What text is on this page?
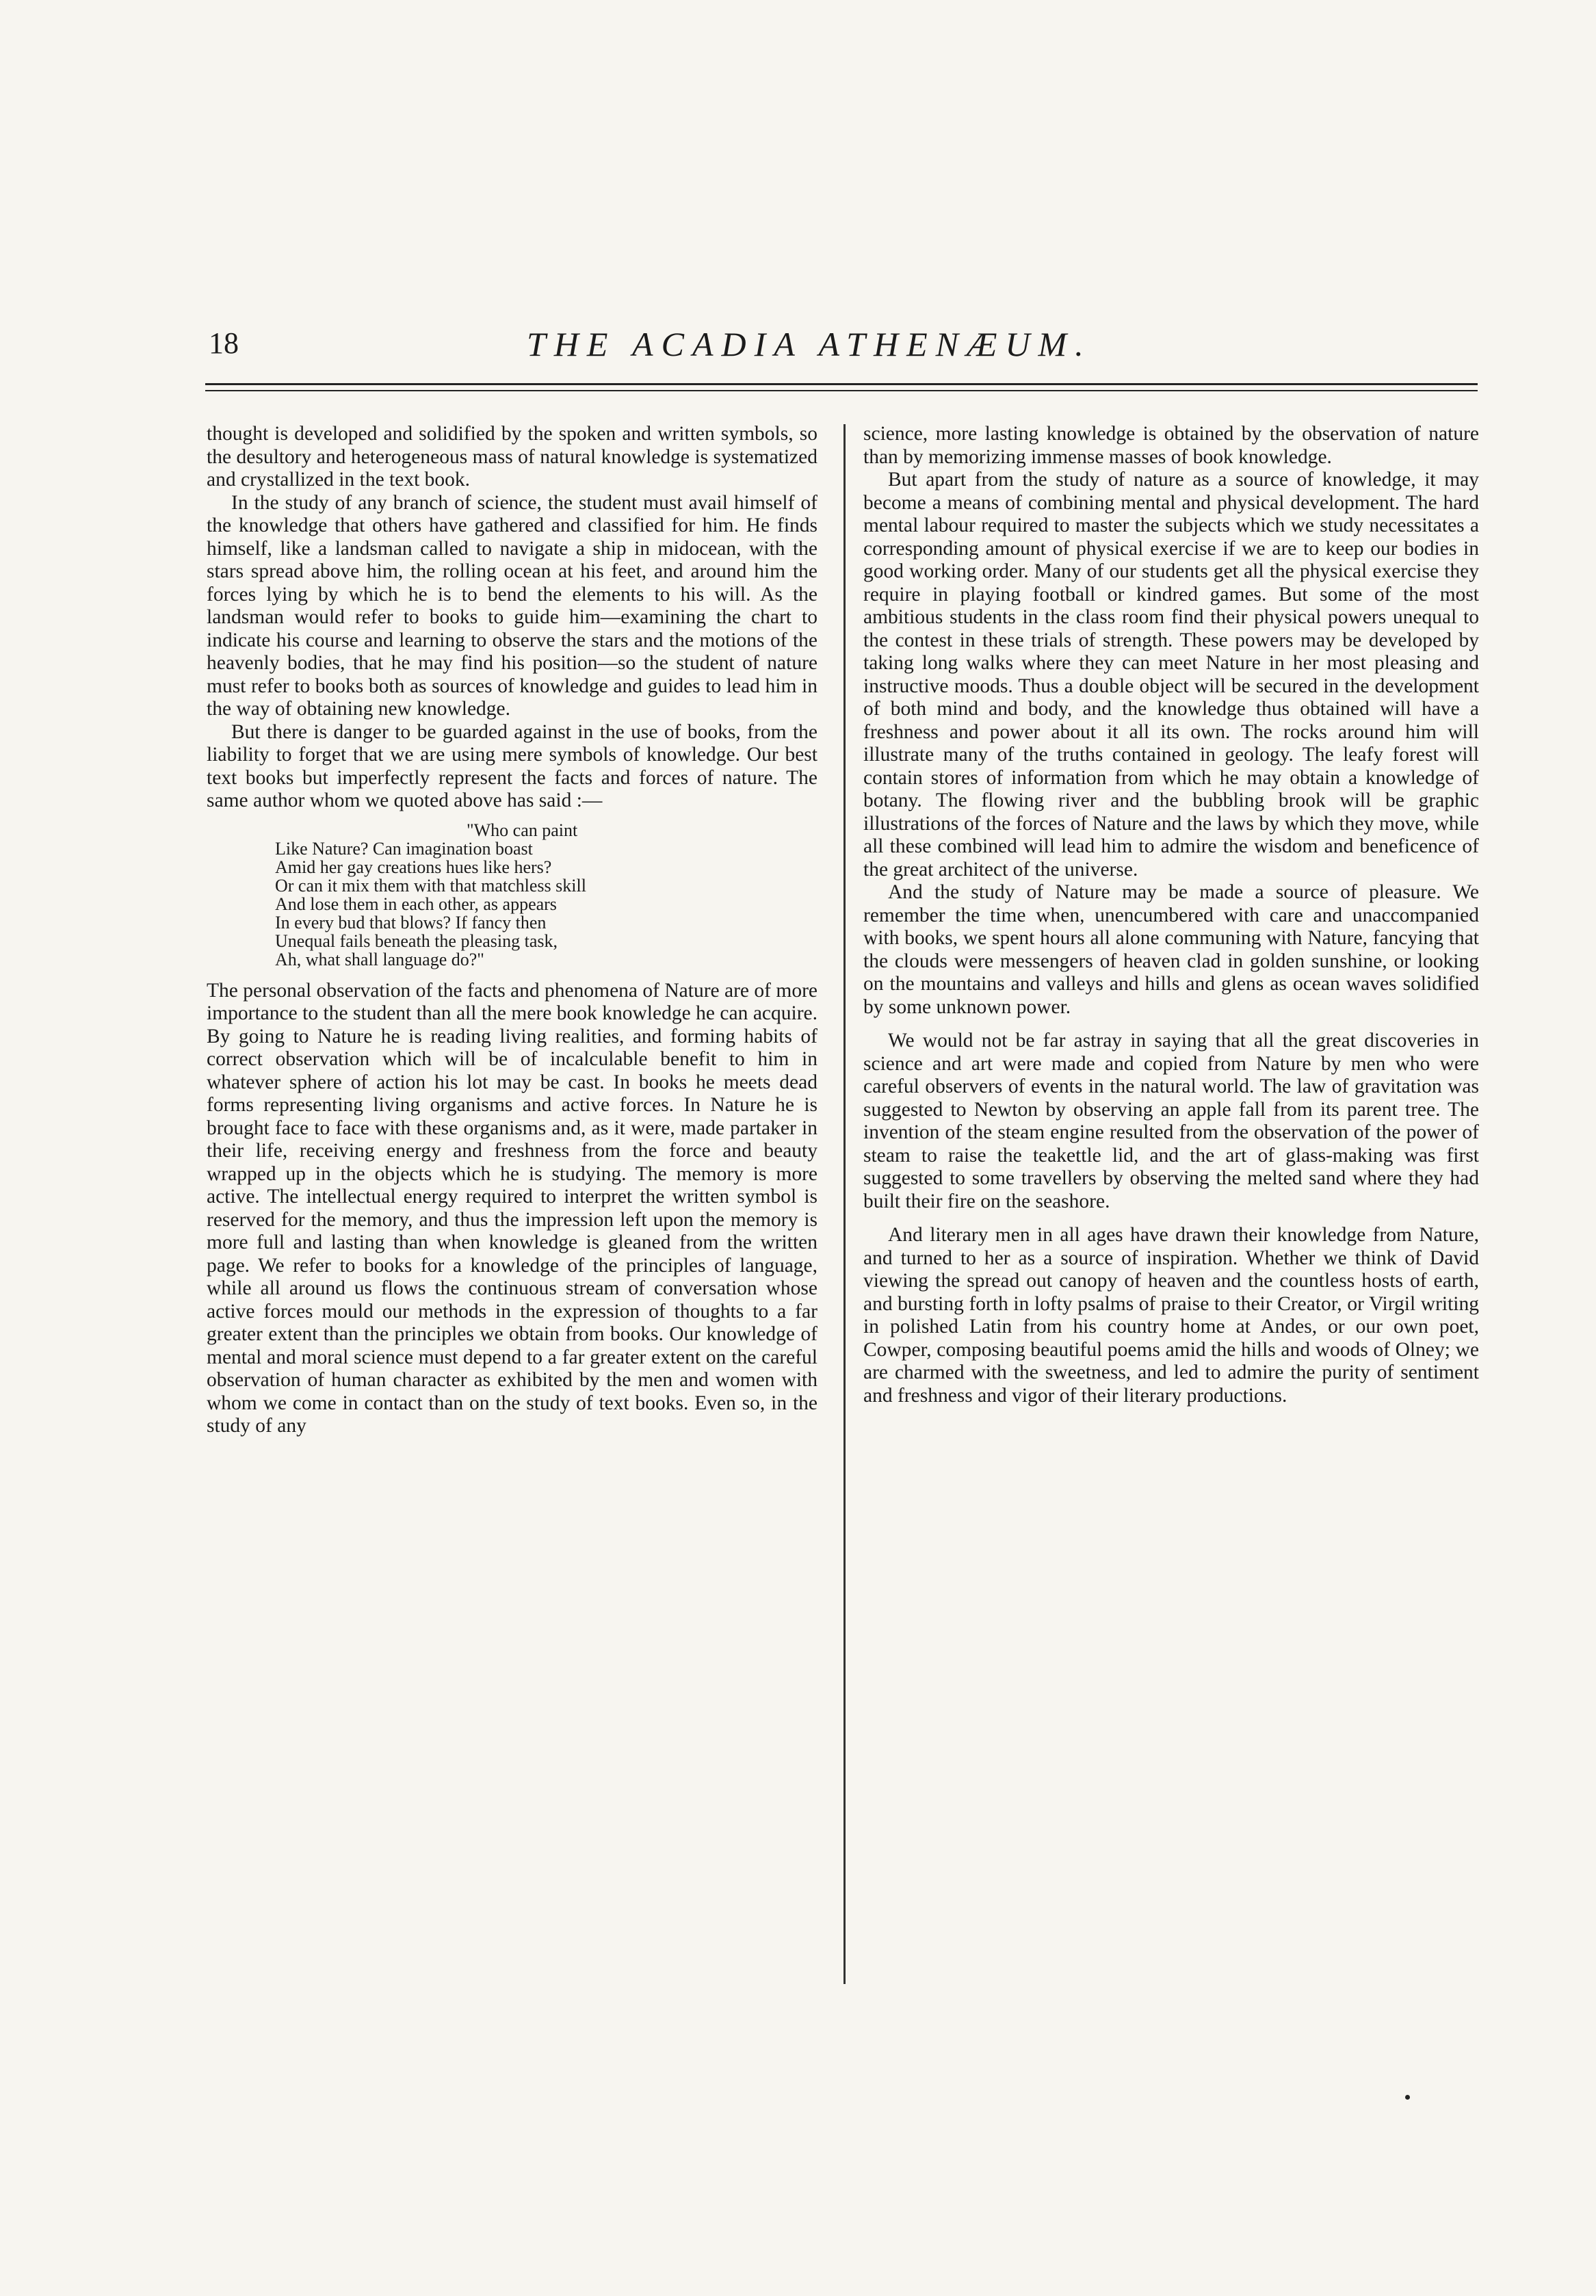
18	THE ACADIA ATHENÆUM.

thought is developed and solidified by the spoken and written symbols, so the desultory and heterogeneous mass of natural knowledge is systematized and crystallized in the text book.

In the study of any branch of science, the student must avail himself of the knowledge that others have gathered and classified for him. He finds himself, like a landsman called to navigate a ship in midocean, with the stars spread above him, the rolling ocean at his feet, and around him the forces lying by which he is to bend the elements to his will. As the landsman would refer to books to guide him—examining the chart to indicate his course and learning to observe the stars and the motions of the heavenly bodies, that he may find his position—so the student of nature must refer to books both as sources of knowledge and guides to lead him in the way of obtaining new knowledge.

But there is danger to be guarded against in the use of books, from the liability to forget that we are using mere symbols of knowledge. Our best text books but imperfectly represent the facts and forces of nature. The same author whom we quoted above has said :—

"Who can paint
Like Nature? Can imagination boast
Amid her gay creations hues like hers?
Or can it mix them with that matchless skill
And lose them in each other, as appears
In every bud that blows? If fancy then
Unequal fails beneath the pleasing task,
Ah, what shall language do?"

The personal observation of the facts and phenomena of Nature are of more importance to the student than all the mere book knowledge he can acquire. By going to Nature he is reading living realities, and forming habits of correct observation which will be of incalculable benefit to him in whatever sphere of action his lot may be cast. In books he meets dead forms representing living organisms and active forces. In Nature he is brought face to face with these organisms and, as it were, made partaker in their life, receiving energy and freshness from the force and beauty wrapped up in the objects which he is studying. The memory is more active. The intellectual energy required to interpret the written symbol is reserved for the memory, and thus the impression left upon the memory is more full and lasting than when knowledge is gleaned from the written page. We refer to books for a knowledge of the principles of language, while all around us flows the continuous stream of conversation whose active forces mould our methods in the expression of thoughts to a far greater extent than the principles we obtain from books. Our knowledge of mental and moral science must depend to a far greater extent on the careful observation of human character as exhibited by the men and women with whom we come in contact than on the study of text books. Even so, in the study of any

science, more lasting knowledge is obtained by the observation of nature than by memorizing immense masses of book knowledge.

But apart from the study of nature as a source of knowledge, it may become a means of combining mental and physical development. The hard mental labour required to master the subjects which we study necessitates a corresponding amount of physical exercise if we are to keep our bodies in good working order. Many of our students get all the physical exercise they require in playing football or kindred games. But some of the most ambitious students in the class room find their physical powers unequal to the contest in these trials of strength. These powers may be developed by taking long walks where they can meet Nature in her most pleasing and instructive moods. Thus a double object will be secured in the development of both mind and body, and the knowledge thus obtained will have a freshness and power about it all its own. The rocks around him will illustrate many of the truths contained in geology. The leafy forest will contain stores of information from which he may obtain a knowledge of botany. The flowing river and the bubbling brook will be graphic illustrations of the forces of Nature and the laws by which they move, while all these combined will lead him to admire the wisdom and beneficence of the great architect of the universe.

And the study of Nature may be made a source of pleasure. We remember the time when, unencumbered with care and unaccompanied with books, we spent hours all alone communing with Nature, fancying that the clouds were messengers of heaven clad in golden sunshine, or looking on the mountains and valleys and hills and glens as ocean waves solidified by some unknown power.

We would not be far astray in saying that all the great discoveries in science and art were made and copied from Nature by men who were careful observers of events in the natural world. The law of gravitation was suggested to Newton by observing an apple fall from its parent tree. The invention of the steam engine resulted from the observation of the power of steam to raise the teakettle lid, and the art of glass-making was first suggested to some travellers by observing the melted sand where they had built their fire on the seashore.

And literary men in all ages have drawn their knowledge from Nature, and turned to her as a source of inspiration. Whether we think of David viewing the spread out canopy of heaven and the countless hosts of earth, and bursting forth in lofty psalms of praise to their Creator, or Virgil writing in polished Latin from his country home at Andes, or our own poet, Cowper, composing beautiful poems amid the hills and woods of Olney; we are charmed with the sweetness, and led to admire the purity of sentiment and freshness and vigor of their literary productions.
